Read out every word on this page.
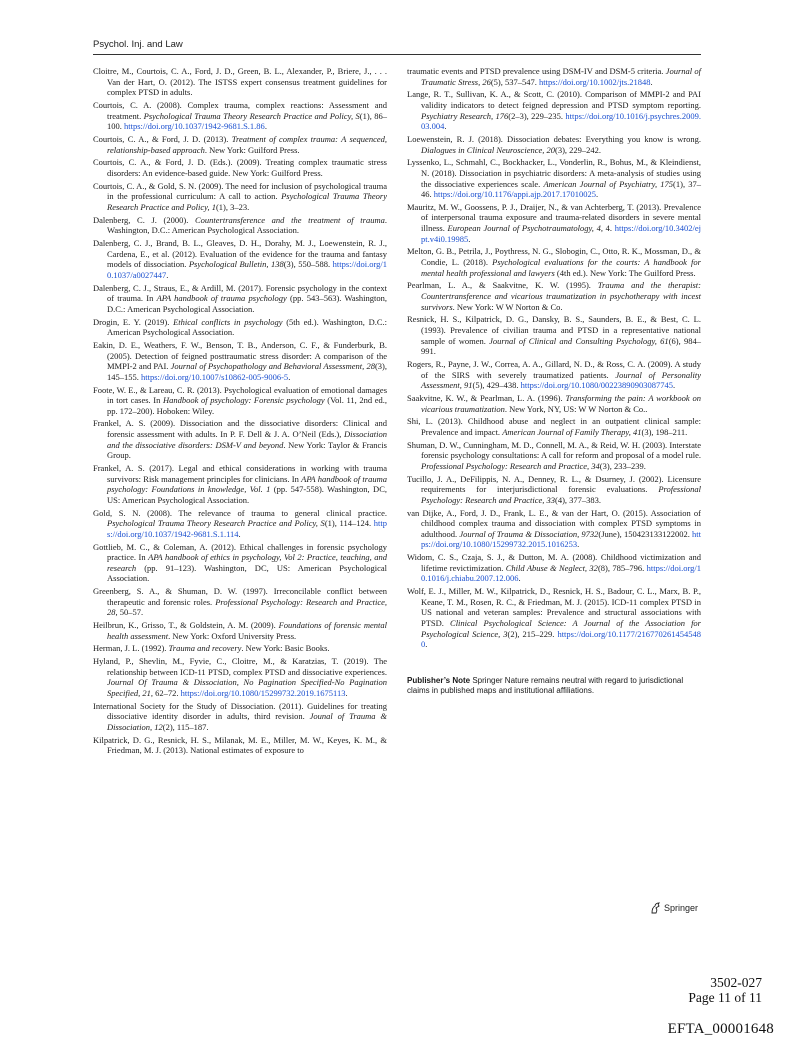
Psychol. Inj. and Law
Cloitre, M., Courtois, C. A., Ford, J. D., Green, B. L., Alexander, P., Briere, J., . . . Van der Hart, O. (2012). The ISTSS expert consensus treatment guidelines for complex PTSD in adults.
Courtois, C. A. (2008). Complex trauma, complex reactions: Assessment and treatment. Psychological Trauma Theory Research Practice and Policy, S(1), 86–100. https://doi.org/10.1037/1942-9681.S.1.86.
Courtois, C. A., & Ford, J. D. (2013). Treatment of complex trauma: A sequenced, relationship-based approach. New York: Guilford Press.
Courtois, C. A., & Ford, J. D. (Eds.). (2009). Treating complex traumatic stress disorders: An evidence-based guide. New York: Guilford Press.
Courtois, C. A., & Gold, S. N. (2009). The need for inclusion of psychological trauma in the professional curriculum: A call to action. Psychological Trauma Theory Research Practice and Policy, 1(1), 3–23.
Dalenberg, C. J. (2000). Countertransference and the treatment of trauma. Washington, D.C.: American Psychological Association.
Dalenberg, C. J., Brand, B. L., Gleaves, D. H., Dorahy, M. J., Loewenstein, R. J., Cardena, E., et al. (2012). Evaluation of the evidence for the trauma and fantasy models of dissociation. Psychological Bulletin, 138(3), 550–588. https://doi.org/10.1037/a0027447.
Dalenberg, C. J., Straus, E., & Ardill, M. (2017). Forensic psychology in the context of trauma. In APA handbook of trauma psychology (pp. 543–563). Washington, D.C.: American Psychological Association.
Drogin, E. Y. (2019). Ethical conflicts in psychology (5th ed.). Washington, D.C.: American Psychological Association.
Eakin, D. E., Weathers, F. W., Benson, T. B., Anderson, C. F., & Funderburk, B. (2005). Detection of feigned posttraumatic stress disorder: A comparison of the MMPI-2 and PAI. Journal of Psychopathology and Behavioral Assessment, 28(3), 145–155. https://doi.org/10.1007/s10862-005-9006-5.
Foote, W. E., & Lareau, C. R. (2013). Psychological evaluation of emotional damages in tort cases. In Handbook of psychology: Forensic psychology (Vol. 11, 2nd ed., pp. 172–200). Hoboken: Wiley.
Frankel, A. S. (2009). Dissociation and the dissociative disorders: Clinical and forensic assessment with adults. In P. F. Dell & J. A. O’Neil (Eds.), Dissociation and the dissociative disorders: DSM-V and beyond. New York: Taylor & Francis Group.
Frankel, A. S. (2017). Legal and ethical considerations in working with trauma survivors: Risk management principles for clinicians. In APA handbook of trauma psychology: Foundations in knowledge, Vol. 1 (pp. 547-558). Washington, DC, US: American Psychological Association.
Gold, S. N. (2008). The relevance of trauma to general clinical practice. Psychological Trauma Theory Research Practice and Policy, S(1), 114–124. https://doi.org/10.1037/1942-9681.S.1.114.
Gottlieb, M. C., & Coleman, A. (2012). Ethical challenges in forensic psychology practice. In APA handbook of ethics in psychology, Vol 2: Practice, teaching, and research (pp. 91–123). Washington, DC, US: American Psychological Association.
Greenberg, S. A., & Shuman, D. W. (1997). Irreconcilable conflict between therapeutic and forensic roles. Professional Psychology: Research and Practice, 28, 50–57.
Heilbrun, K., Grisso, T., & Goldstein, A. M. (2009). Foundations of forensic mental health assessment. New York: Oxford University Press.
Herman, J. L. (1992). Trauma and recovery. New York: Basic Books.
Hyland, P., Shevlin, M., Fyvie, C., Cloitre, M., & Karatzias, T. (2019). The relationship between ICD-11 PTSD, complex PTSD and dissociative experiences. Journal Of Trauma & Dissociation, No Pagination Specified-No Pagination Specified, 21, 62–72. https://doi.org/10.1080/15299732.2019.1675113.
International Society for the Study of Dissociation. (2011). Guidelines for treating dissociative identity disorder in adults, third revision. Jounal of Trauma & Dissociation, 12(2), 115–187.
Kilpatrick, D. G., Resnick, H. S., Milanak, M. E., Miller, M. W., Keyes, K. M., & Friedman, M. J. (2013). National estimates of exposure to
traumatic events and PTSD prevalence using DSM-IV and DSM-5 criteria. Journal of Traumatic Stress, 26(5), 537–547. https://doi.org/10.1002/jts.21848.
Lange, R. T., Sullivan, K. A., & Scott, C. (2010). Comparison of MMPI-2 and PAI validity indicators to detect feigned depression and PTSD symptom reporting. Psychiatry Research, 176(2–3), 229–235. https://doi.org/10.1016/j.psychres.2009.03.004.
Loewenstein, R. J. (2018). Dissociation debates: Everything you know is wrong. Dialogues in Clinical Neuroscience, 20(3), 229–242.
Lyssenko, L., Schmahl, C., Bockhacker, L., Vonderlin, R., Bohus, M., & Kleindienst, N. (2018). Dissociation in psychiatric disorders: A meta-analysis of studies using the dissociative experiences scale. American Journal of Psychiatry, 175(1), 37–46. https://doi.org/10.1176/appi.ajp.2017.17010025.
Mauritz, M. W., Goossens, P. J., Draijer, N., & van Achterberg, T. (2013). Prevalence of interpersonal trauma exposure and trauma-related disorders in severe mental illness. European Journal of Psychotraumatology, 4, 4. https://doi.org/10.3402/ejpt.v4i0.19985.
Melton, G. B., Petrila, J., Poythress, N. G., Slobogin, C., Otto, R. K., Mossman, D., & Condie, L. (2018). Psychological evaluations for the courts: A handbook for mental health professional and lawyers (4th ed.). New York: The Guilford Press.
Pearlman, L. A., & Saakvitne, K. W. (1995). Trauma and the therapist: Countertransference and vicarious traumatization in psychotherapy with incest survivors. New York: W W Norton & Co.
Resnick, H. S., Kilpatrick, D. G., Dansky, B. S., Saunders, B. E., & Best, C. L. (1993). Prevalence of civilian trauma and PTSD in a representative national sample of women. Journal of Clinical and Consulting Psychology, 61(6), 984–991.
Rogers, R., Payne, J. W., Correa, A. A., Gillard, N. D., & Ross, C. A. (2009). A study of the SIRS with severely traumatized patients. Journal of Personality Assessment, 91(5), 429–438. https://doi.org/10.1080/00223890903087745.
Saakvitne, K. W., & Pearlman, L. A. (1996). Transforming the pain: A workbook on vicarious traumatization. New York, NY, US: W W Norton & Co..
Shi, L. (2013). Childhood abuse and neglect in an outpatient clinical sample: Prevalence and impact. American Journal of Family Therapy, 41(3), 198–211.
Shuman, D. W., Cunningham, M. D., Connell, M. A., & Reid, W. H. (2003). Interstate forensic psychology consultations: A call for reform and proposal of a model rule. Professional Psychology: Research and Practice, 34(3), 233–239.
Tucillo, J. A., DeFilippis, N. A., Denney, R. L., & Dsurney, J. (2002). Licensure requirements for interjurisdictional forensic evaluations. Professional Psychology: Research and Practice, 33(4), 377–383.
van Dijke, A., Ford, J. D., Frank, L. E., & van der Hart, O. (2015). Association of childhood complex trauma and dissociation with complex PTSD symptoms in adulthood. Journal of Trauma & Dissociation, 9732(June), 150423133122002. https://doi.org/10.1080/15299732.2015.1016253.
Widom, C. S., Czaja, S. J., & Dutton, M. A. (2008). Childhood victimization and lifetime revictimization. Child Abuse & Neglect, 32(8), 785–796. https://doi.org/10.1016/j.chiabu.2007.12.006.
Wolf, E. J., Miller, M. W., Kilpatrick, D., Resnick, H. S., Badour, C. L., Marx, B. P., Keane, T. M., Rosen, R. C., & Friedman, M. J. (2015). ICD-11 complex PTSD in US national and veteran samples: Prevalence and structural associations with PTSD. Clinical Psychological Science: A Journal of the Association for Psychological Science, 3(2), 215–229. https://doi.org/10.1177/2167702614545480.
Publisher’s Note Springer Nature remains neutral with regard to jurisdictional claims in published maps and institutional affiliations.
Springer
3502-027
Page 11 of 11
EFTA_00001648
